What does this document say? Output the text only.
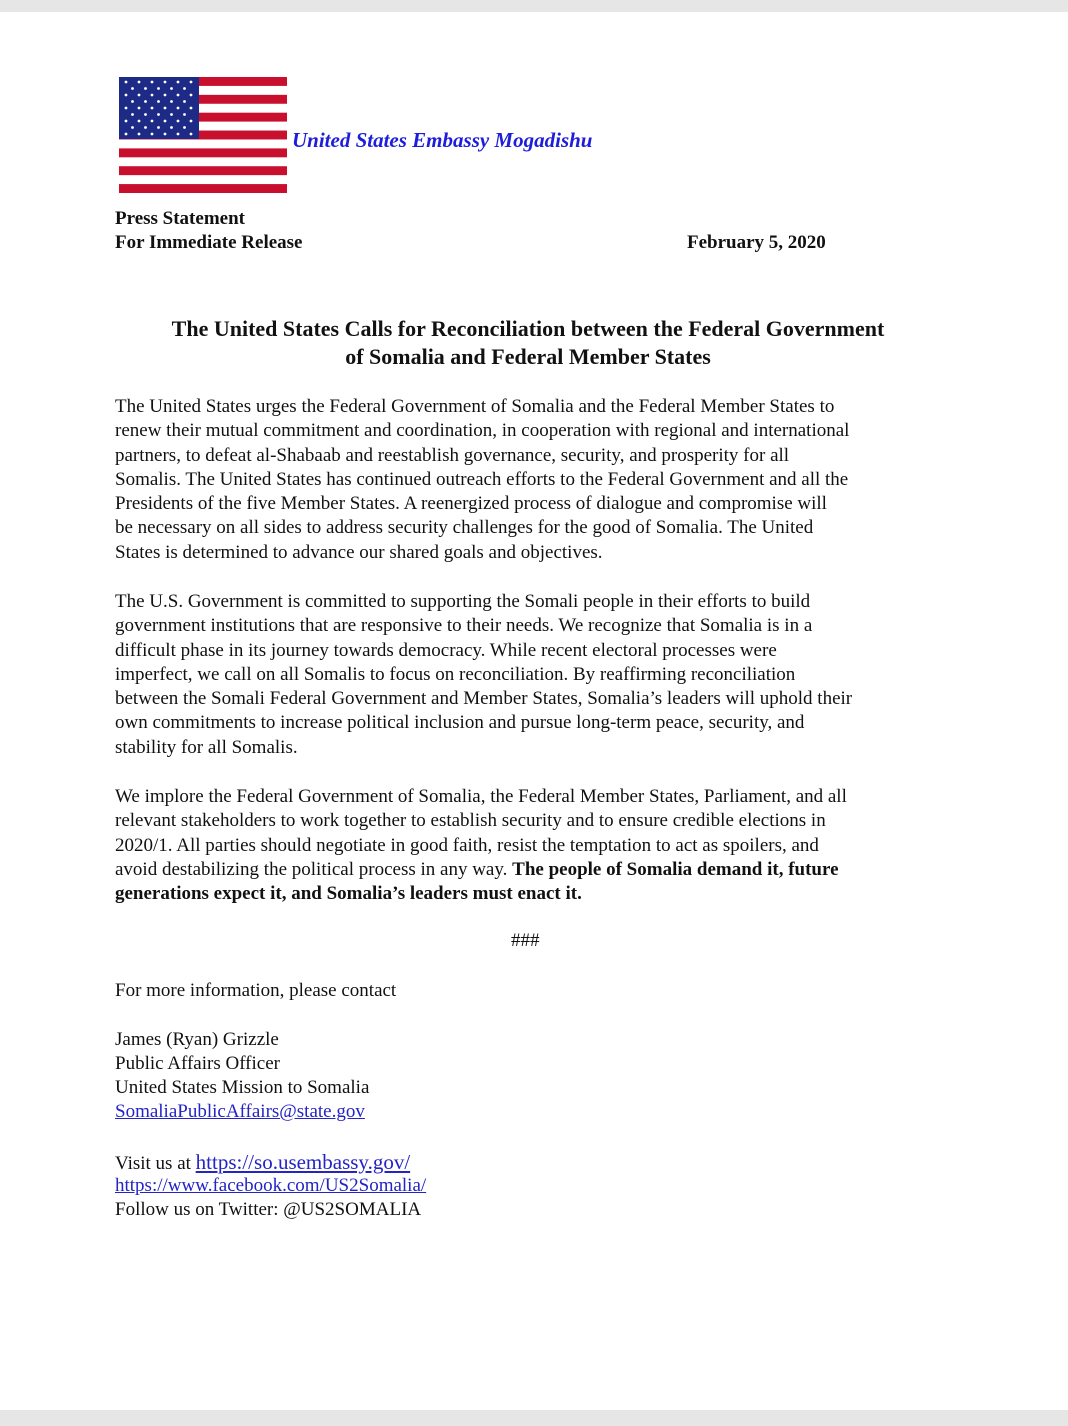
United States Embassy Mogadishu
Press Statement
For Immediate Release	February 5, 2020
The United States Calls for Reconciliation between the Federal Government
of Somalia and Federal Member States
The United States urges the Federal Government of Somalia and the Federal Member States to
renew their mutual commitment and coordination, in cooperation with regional and international
partners, to defeat al-Shabaab and reestablish governance, security, and prosperity for all
Somalis. The United States has continued outreach efforts to the Federal Government and all the
Presidents of the five Member States. A reenergized process of dialogue and compromise will
be necessary on all sides to address security challenges for the good of Somalia. The United
States is determined to advance our shared goals and objectives.
The U.S. Government is committed to supporting the Somali people in their efforts to build
government institutions that are responsive to their needs. We recognize that Somalia is in a
difficult phase in its journey towards democracy. While recent electoral processes were
imperfect, we call on all Somalis to focus on reconciliation. By reaffirming reconciliation
between the Somali Federal Government and Member States, Somalia’s leaders will uphold their
own commitments to increase political inclusion and pursue long-term peace, security, and
stability for all Somalis.
We implore the Federal Government of Somalia, the Federal Member States, Parliament, and all
relevant stakeholders to work together to establish security and to ensure credible elections in
2020/1. All parties should negotiate in good faith, resist the temptation to act as spoilers, and
avoid destabilizing the political process in any way. The people of Somalia demand it, future
generations expect it, and Somalia’s leaders must enact it.
###
For more information, please contact
James (Ryan) Grizzle
Public Affairs Officer
United States Mission to Somalia
SomaliaPublicAffairs@state.gov
Visit us at https://so.usembassy.gov/
https://www.facebook.com/US2Somalia/
Follow us on Twitter: @US2SOMALIA
